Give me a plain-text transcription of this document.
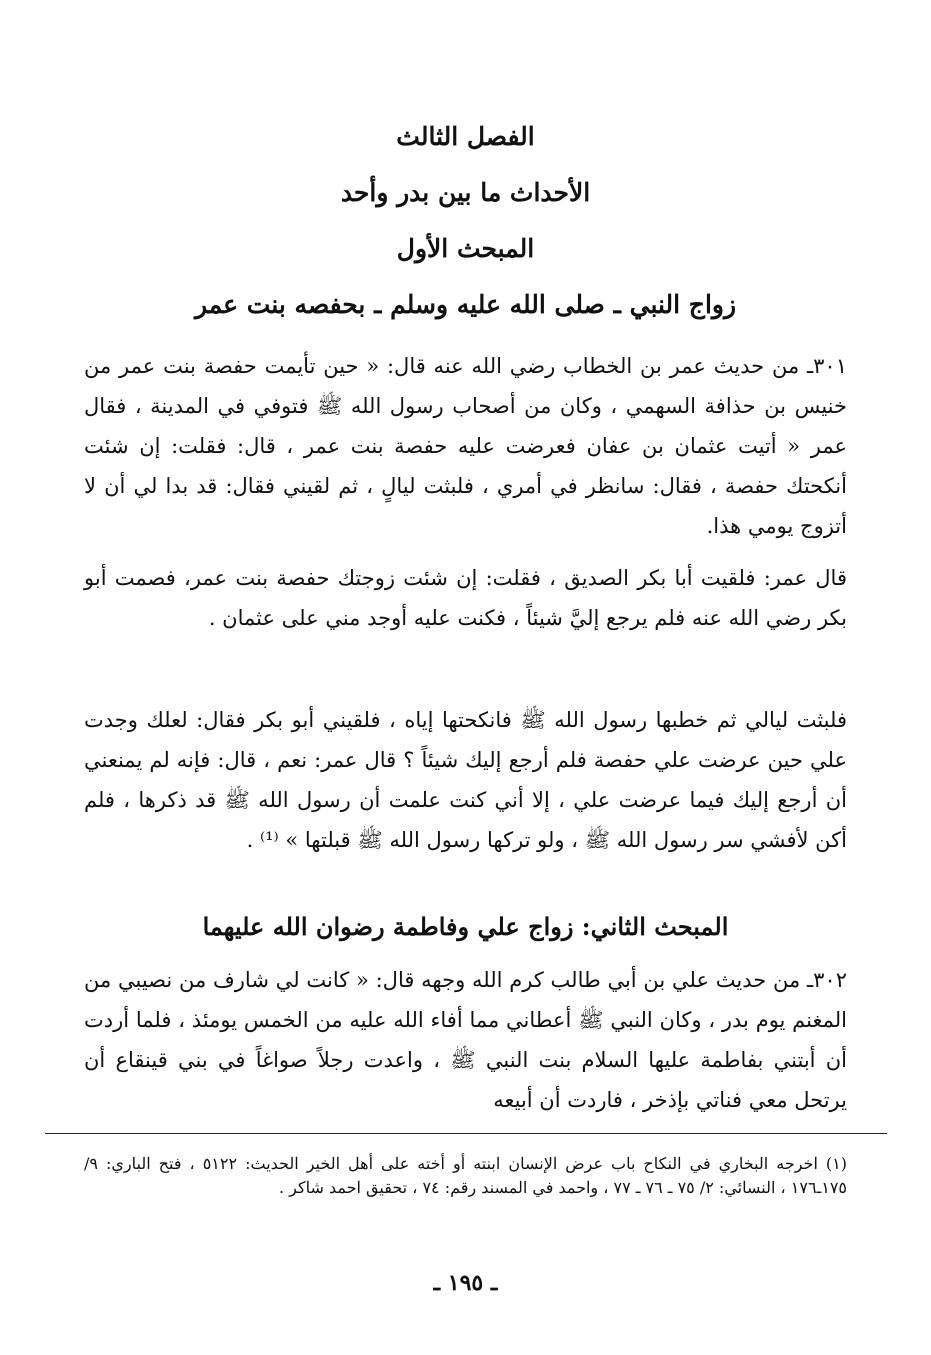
الفصل الثالث

الأحداث ما بين بدر وأحد

المبحث الأول

زواج النبي ـ صلى الله عليه وسلم ـ بحفصه بنت عمر

٣٠١ـ من حديث عمر بن الخطاب رضي الله عنه قال: « حين تأيمت حفصة بنت عمر من خنيس بن حذافة السهمي ، وكان من أصحاب رسول الله ﷺ فتوفي في المدينة ، فقال عمر « أتيت عثمان بن عفان فعرضت عليه حفصة بنت عمر ، قال: فقلت: إن شئت أنكحتك حفصة ، فقال: سانظر في أمري ، فلبثت ليالٍ ، ثم لقيني فقال: قد بدا لي أن لا أتزوج يومي هذا.

قال عمر: فلقيت أبا بكر الصديق ، فقلت: إن شئت زوجتك حفصة بنت عمر، فصمت أبو بكر رضي الله عنه فلم يرجع إليَّ شيئاً ، فكنت عليه أوجد مني على عثمان .

فلبثت ليالي ثم خطبها رسول الله ﷺ فانكحتها إياه ، فلقيني أبو بكر فقال: لعلك وجدت علي حين عرضت علي حفصة فلم أرجع إليك شيئاً ؟ قال عمر: نعم ، قال: فإنه لم يمنعني أن أرجع إليك فيما عرضت علي ، إلا أني كنت علمت أن رسول الله ﷺ قد ذكرها ، فلم أكن لأفشي سر رسول الله ﷺ ، ولو تركها رسول الله ﷺ قبلتها » ⁽¹⁾ .

المبحث الثاني: زواج علي وفاطمة رضوان الله عليهما

٣٠٢ـ من حديث علي بن أبي طالب كرم الله وجهه قال: « كانت لي شارف من نصيبي من المغنم يوم بدر ، وكان النبي ﷺ أعطاني مما أفاء الله عليه من الخمس يومئذ ، فلما أردت أن أبتني بفاطمة عليها السلام بنت النبي ﷺ ، واعدت رجلاً صواغاً في بني قينقاع أن يرتحل معي فناتي بإذخر ، فاردت أن أبيعه

(١) اخرجه البخاري في النكاح باب عرض الإنسان ابنته أو أخته على أهل الخير الحديث: ٥١٢٢ ، فتح الباري: ٩/ ١٧٥ـ١٧٦ ، النسائي: ٢/ ٧٥ ـ ٧٦ ـ ٧٧ ، واحمد في المسند رقم: ٧٤ ، تحقيق احمد شاكر .

ـ ١٩٥ ـ
